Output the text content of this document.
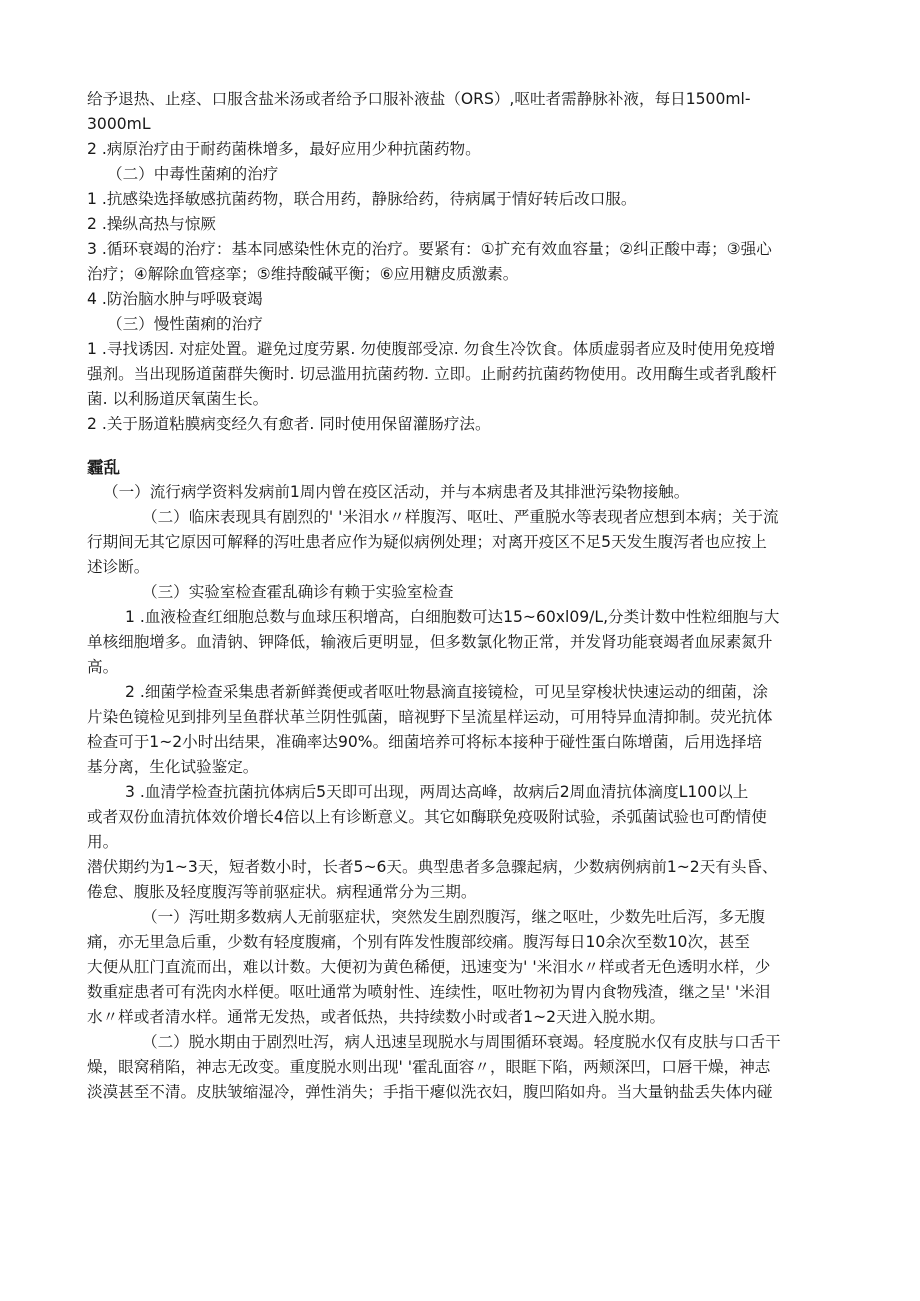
给予退热、止痉、口服含盐米汤或者给予口服补液盐（ORS）,呕吐者需静脉补液，每日1500ml-

3000mL

2 .病原治疗由于耐药菌株增多，最好应用少种抗菌药物。

（二）中毒性菌痢的治疗

1 .抗感染选择敏感抗菌药物，联合用药，静脉给药，待病属于情好转后改口服。

2 .操纵高热与惊厥

3 .循环衰竭的治疗：基本同感染性休克的治疗。要紧有：①扩充有效血容量；②纠正酸中毒；③强心

治疗；④解除血管痉挛；⑤维持酸碱平衡；⑥应用糖皮质激素。

4 .防治脑水肿与呼吸衰竭

（三）慢性菌痢的治疗

1 .寻找诱因. 对症处置。避免过度劳累. 勿使腹部受凉. 勿食生冷饮食。体质虚弱者应及时使用免疫增

强剂。当出现肠道菌群失衡时. 切忌滥用抗菌药物. 立即。止耐药抗菌药物使用。改用酶生或者乳酸杆

菌. 以利肠道厌氧菌生长。

2 .关于肠道粘膜病变经久有愈者. 同时使用保留灌肠疗法。

霾乱

（一）流行病学资料发病前1周内曾在疫区活动，并与本病患者及其排泄污染物接触。

（二）临床表现具有剧烈的' '米泪水〃样腹泻、呕吐、严重脱水等表现者应想到本病；关于流

行期间无其它原因可解释的泻吐患者应作为疑似病例处理；对离开疫区不足5天发生腹泻者也应按上

述诊断。

（三）实验室检查霍乱确诊有赖于实验室检查

1 .血液检查红细胞总数与血球压积增高，白细胞数可达15~60xl09∕L,分类计数中性粒细胞与大

单核细胞增多。血清钠、钾降低，输液后更明显，但多数氯化物正常，并发肾功能衰竭者血尿素氮升

高。

2 .细菌学检查采集患者新鲜粪便或者呕吐物悬滴直接镜检，可见呈穿梭状快速运动的细菌，涂

片染色镜检见到排列呈鱼群状革兰阴性弧菌，暗视野下呈流星样运动，可用特异血清抑制。荧光抗体

检查可于1~2小时出结果，准确率达90%。细菌培养可将标本接种于碰性蛋白陈增菌，后用选择培

基分离，生化试验鉴定。

3 .血清学检查抗菌抗体病后5天即可出现，两周达高峰，故病后2周血清抗体滴度L100以上

或者双份血清抗体效价增长4倍以上有诊断意义。其它如酶联免疫吸附试验，杀弧菌试验也可酌情使

用。

潜伏期约为1~3天，短者数小时，长者5~6天。典型患者多急骤起病，少数病例病前1~2天有头昏、

倦怠、腹胀及轻度腹泻等前驱症状。病程通常分为三期。

（一）泻吐期多数病人无前驱症状，突然发生剧烈腹泻，继之呕吐，少数先吐后泻，多无腹

痛，亦无里急后重，少数有轻度腹痛，个别有阵发性腹部绞痛。腹泻每日10余次至数10次，甚至

大便从肛门直流而出，难以计数。大便初为黄色稀便，迅速变为' '米泪水〃样或者无色透明水样，少

数重症患者可有洗肉水样便。呕吐通常为喷射性、连续性，呕吐物初为胃内食物残渣，继之呈' '米泪

水〃样或者清水样。通常无发热，或者低热，共持续数小时或者1~2天进入脱水期。

（二）脱水期由于剧烈吐泻，病人迅速呈现脱水与周围循环衰竭。轻度脱水仅有皮肤与口舌干

燥，眼窝稍陷，神志无改变。重度脱水则出现' '霍乱面容〃，眼眶下陷，两颊深凹，口唇干燥，神志

淡漠甚至不清。皮肤皱缩湿冷，弹性消失；手指干瘪似洗衣妇，腹凹陷如舟。当大量钠盐丢失体内碰
